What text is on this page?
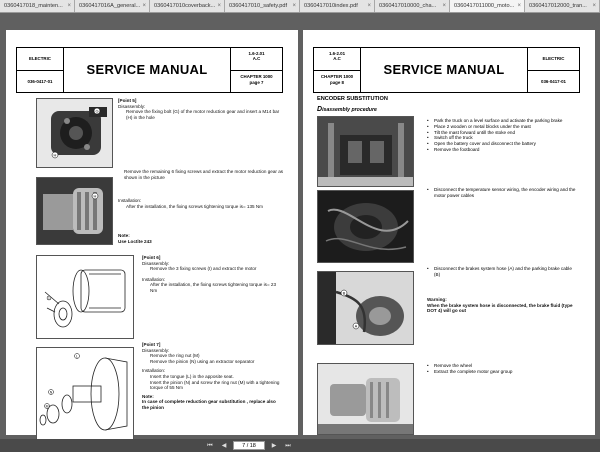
0360417018_mainten... ×	0360417016A_general... ×	0360417010coverback... ×	0360417010_safety.pdf ×	0360417010index.pdf ×	0360417010000_cha... ×	0360417011000_moto... ×	0360417012000_tran... ×
ELECTRIC
036-0417-01
SERVICE MANUAL
1.6-2.01
A.C
CHAPTER 1000
page 7
G
H
[Point 5]
Disassembly:
Remove the fixing bolt (G) of the motor reduction gear and insert a M14 bar (H) in the hole
H
Remove the remaining 6 fixing screws and extract the motor reduction gear as shown in the picture
Installation:
After the installation, the fixing screws tightening torque is= 135 Nm
Note:
Use Loctite 243
I
[Point 6]
Disassembly:
Remove the 3 fixing screws (I) and extract the motor
Installation:
After the installation, the fixing screws tightening torque is= 23 Nm
L
N
M
[Point 7]
Disassembly:
Remove the ring nut (M)
Remove the pinion (N) using an extractor separator
Installation:
Insert the tongue (L) in the apposite seat.
Insert the pinion (N) and screw the ring nut (M) with a tightening torque of 55 Nm
Note:
In case of complete reduction gear substitution , replace also the pinion
1.6-2.01
A.C
CHAPTER 1000
page 8
SERVICE MANUAL
ELECTRIC
036-0417-01
ENCODER SUBSTITUTION
Disassembly procedure
• Park the truck on a level surface and activate the parking brake
• Place 2 wooden or metal blocks under the mast
• Tilt the mast forward untill the stoke end
• Switch off the truck
• Open the battery cover and disconnect the battery
• Remove the footboard
• Disconnect the temperature sensor wiring, the encoder wiring and the motor power cables
B
A
• Disconnect the brakes system hose (A) and the parking brake cable (B)
Warning:
When the brake system hose is disconnected, the brake fluid (type DOT 4) will go out
• Remove the wheel
• Extract the complete motor gear group
⏮	◀	7 / 18	▶	⏭
